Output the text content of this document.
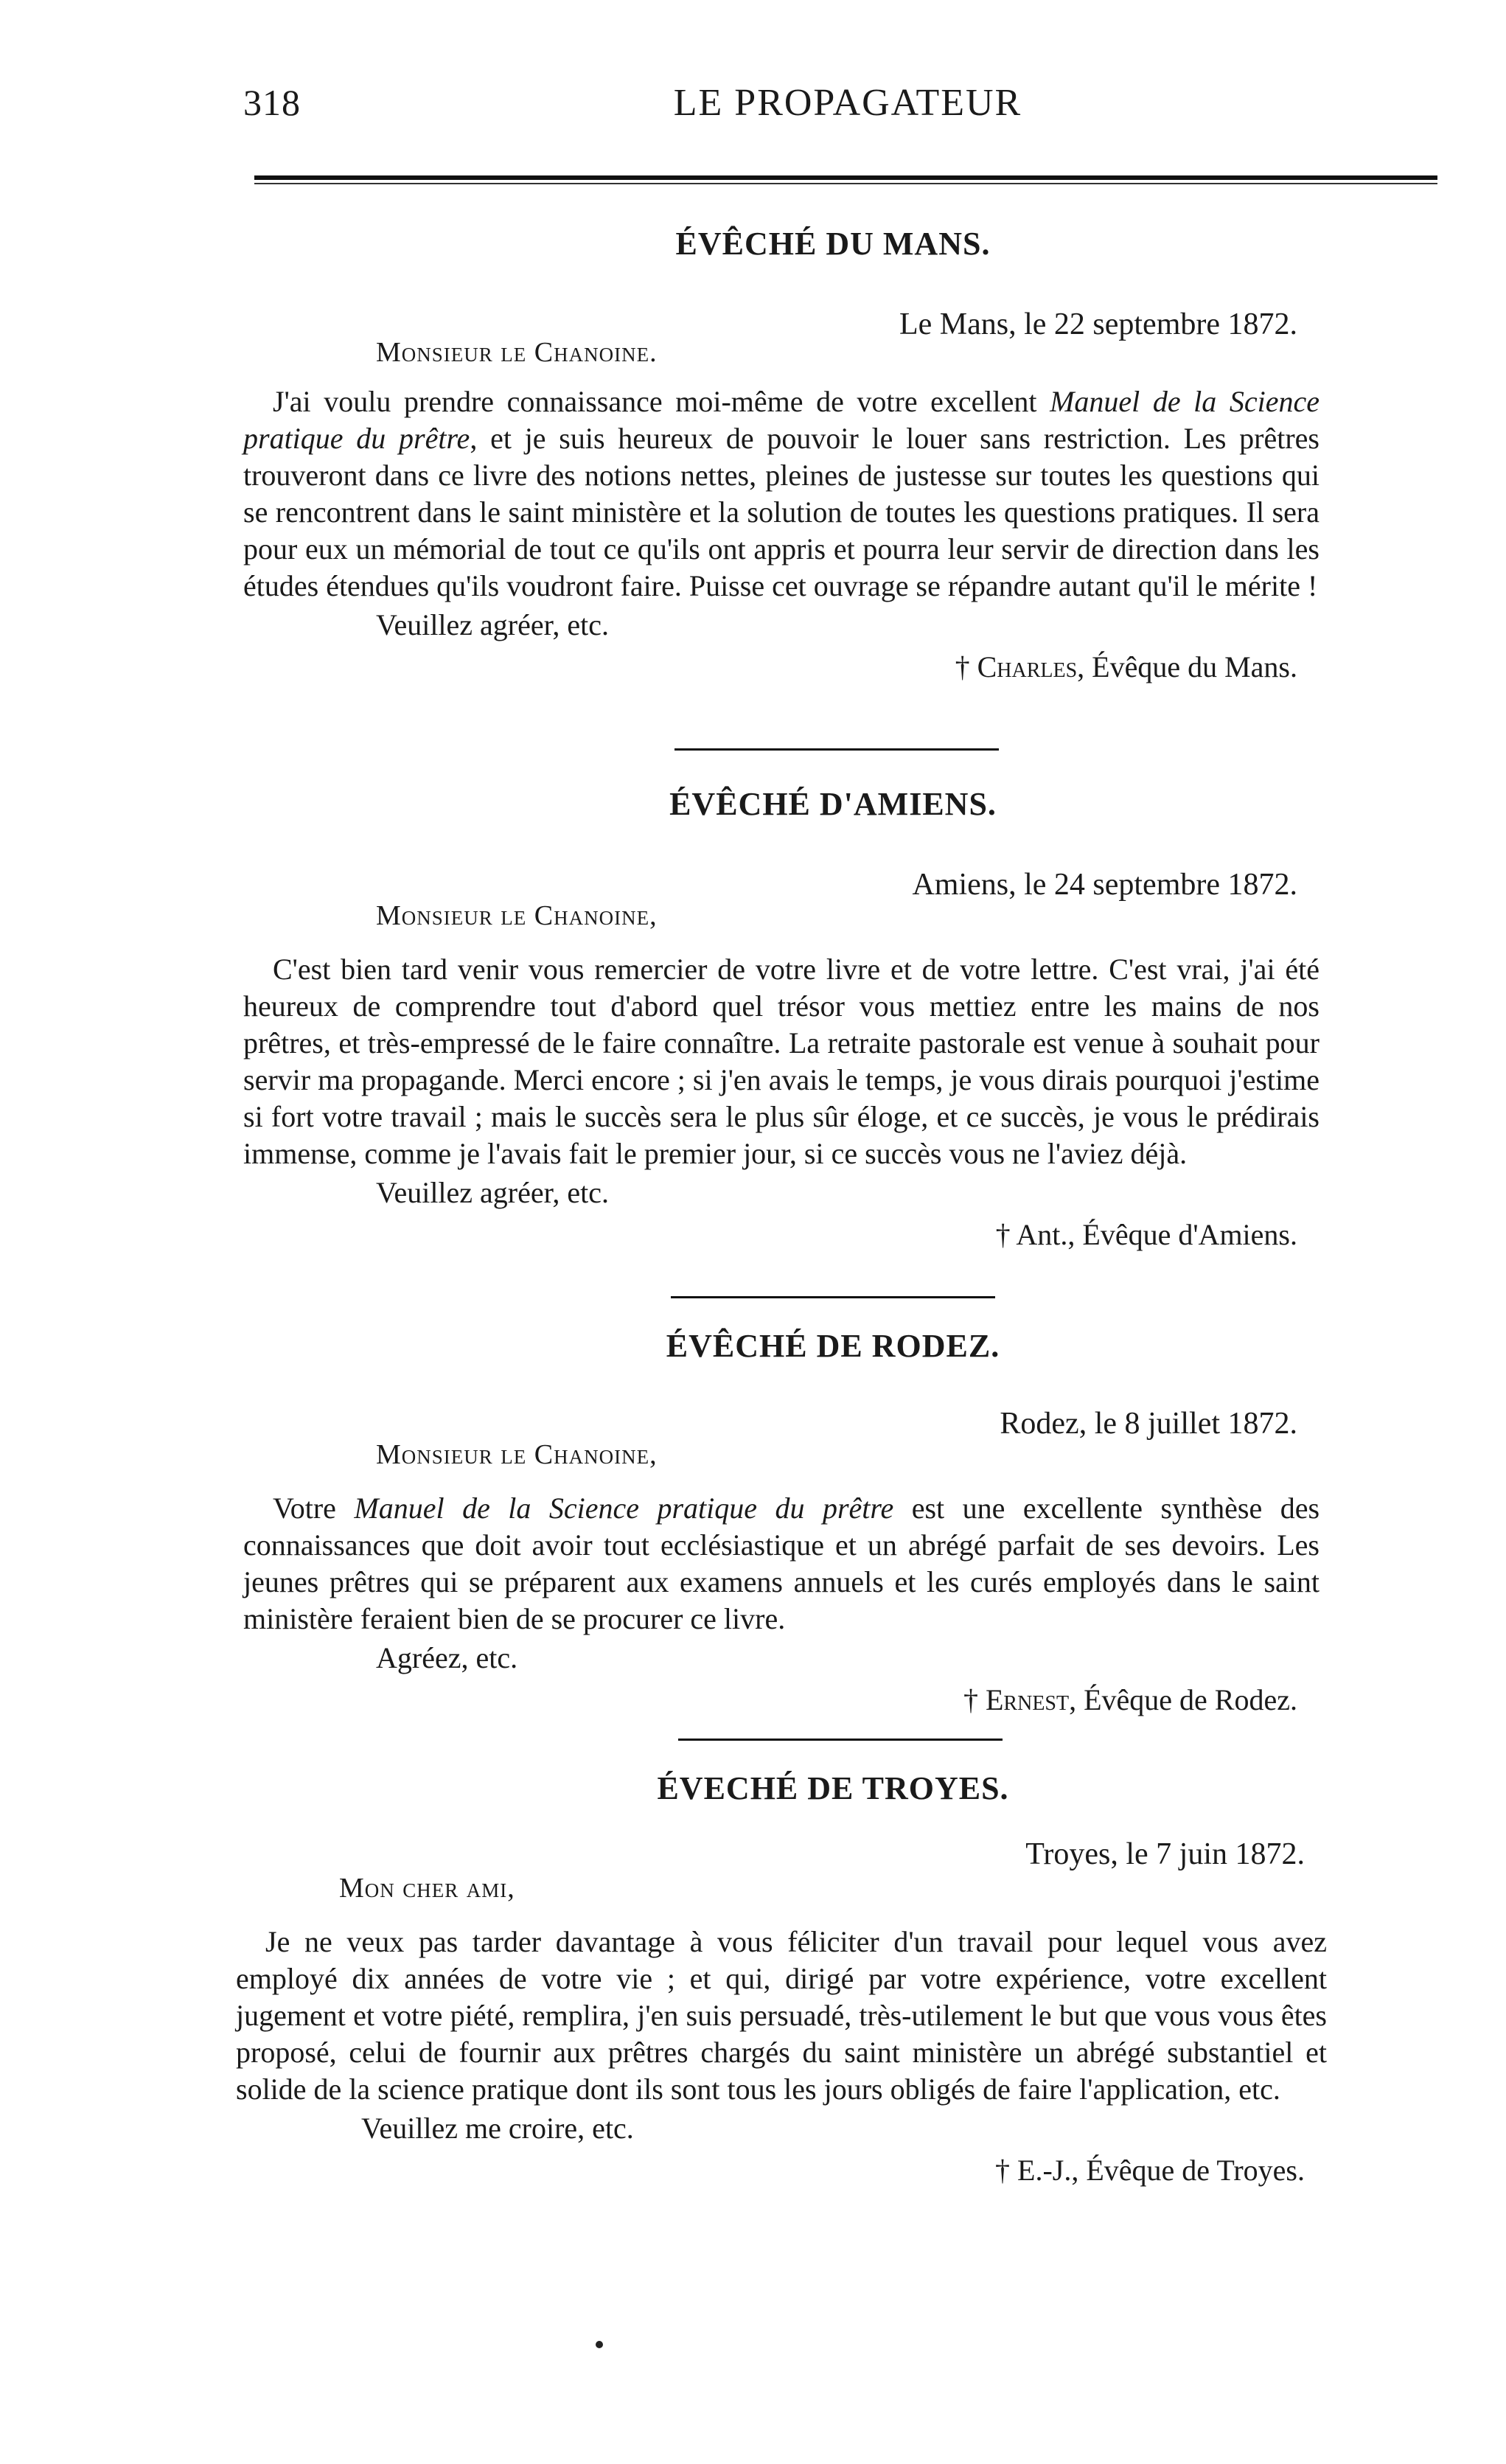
318	LE PROPAGATEUR
ÉVÊCHÉ DU MANS.

Le Mans, le 22 septembre 1872.

Monsieur le Chanoine.

J'ai voulu prendre connaissance moi-même de votre excellent Manuel de la Science pratique du prêtre, et je suis heureux de pouvoir le louer sans restriction. Les prêtres trouveront dans ce livre des notions nettes, pleines de justesse sur toutes les questions qui se rencontrent dans le saint ministère et la solution de toutes les questions pratiques. Il sera pour eux un mémorial de tout ce qu'ils ont appris et pourra leur servir de direction dans les études étendues qu'ils voudront faire. Puisse cet ouvrage se répandre autant qu'il le mérite !

Veuillez agréer, etc.

† Charles, Évêque du Mans.

ÉVÊCHÉ D'AMIENS.

Amiens, le 24 septembre 1872.

Monsieur le Chanoine,

C'est bien tard venir vous remercier de votre livre et de votre lettre. C'est vrai, j'ai été heureux de comprendre tout d'abord quel trésor vous mettiez entre les mains de nos prêtres, et très-empressé de le faire connaître. La retraite pastorale est venue à souhait pour servir ma propagande. Merci encore ; si j'en avais le temps, je vous dirais pourquoi j'estime si fort votre travail ; mais le succès sera le plus sûr éloge, et ce succès, je vous le prédirais immense, comme je l'avais fait le premier jour, si ce succès vous ne l'aviez déjà.

Veuillez agréer, etc.

† Ant., Évêque d'Amiens.

ÉVÊCHÉ DE RODEZ.

Rodez, le 8 juillet 1872.

Monsieur le Chanoine,

Votre Manuel de la Science pratique du prêtre est une excellente synthèse des connaissances que doit avoir tout ecclésiastique et un abrégé parfait de ses devoirs. Les jeunes prêtres qui se préparent aux examens annuels et les curés employés dans le saint ministère feraient bien de se procurer ce livre.

Agréez, etc.

† Ernest, Évêque de Rodez.

ÉVECHÉ DE TROYES.

Troyes, le 7 juin 1872.

Mon cher ami,

Je ne veux pas tarder davantage à vous féliciter d'un travail pour lequel vous avez employé dix années de votre vie ; et qui, dirigé par votre expérience, votre excellent jugement et votre piété, remplira, j'en suis persuadé, très-utilement le but que vous vous êtes proposé, celui de fournir aux prêtres chargés du saint ministère un abrégé substantiel et solide de la science pratique dont ils sont tous les jours obligés de faire l'application, etc.

Veuillez me croire, etc.

† E.-J., Évêque de Troyes.
